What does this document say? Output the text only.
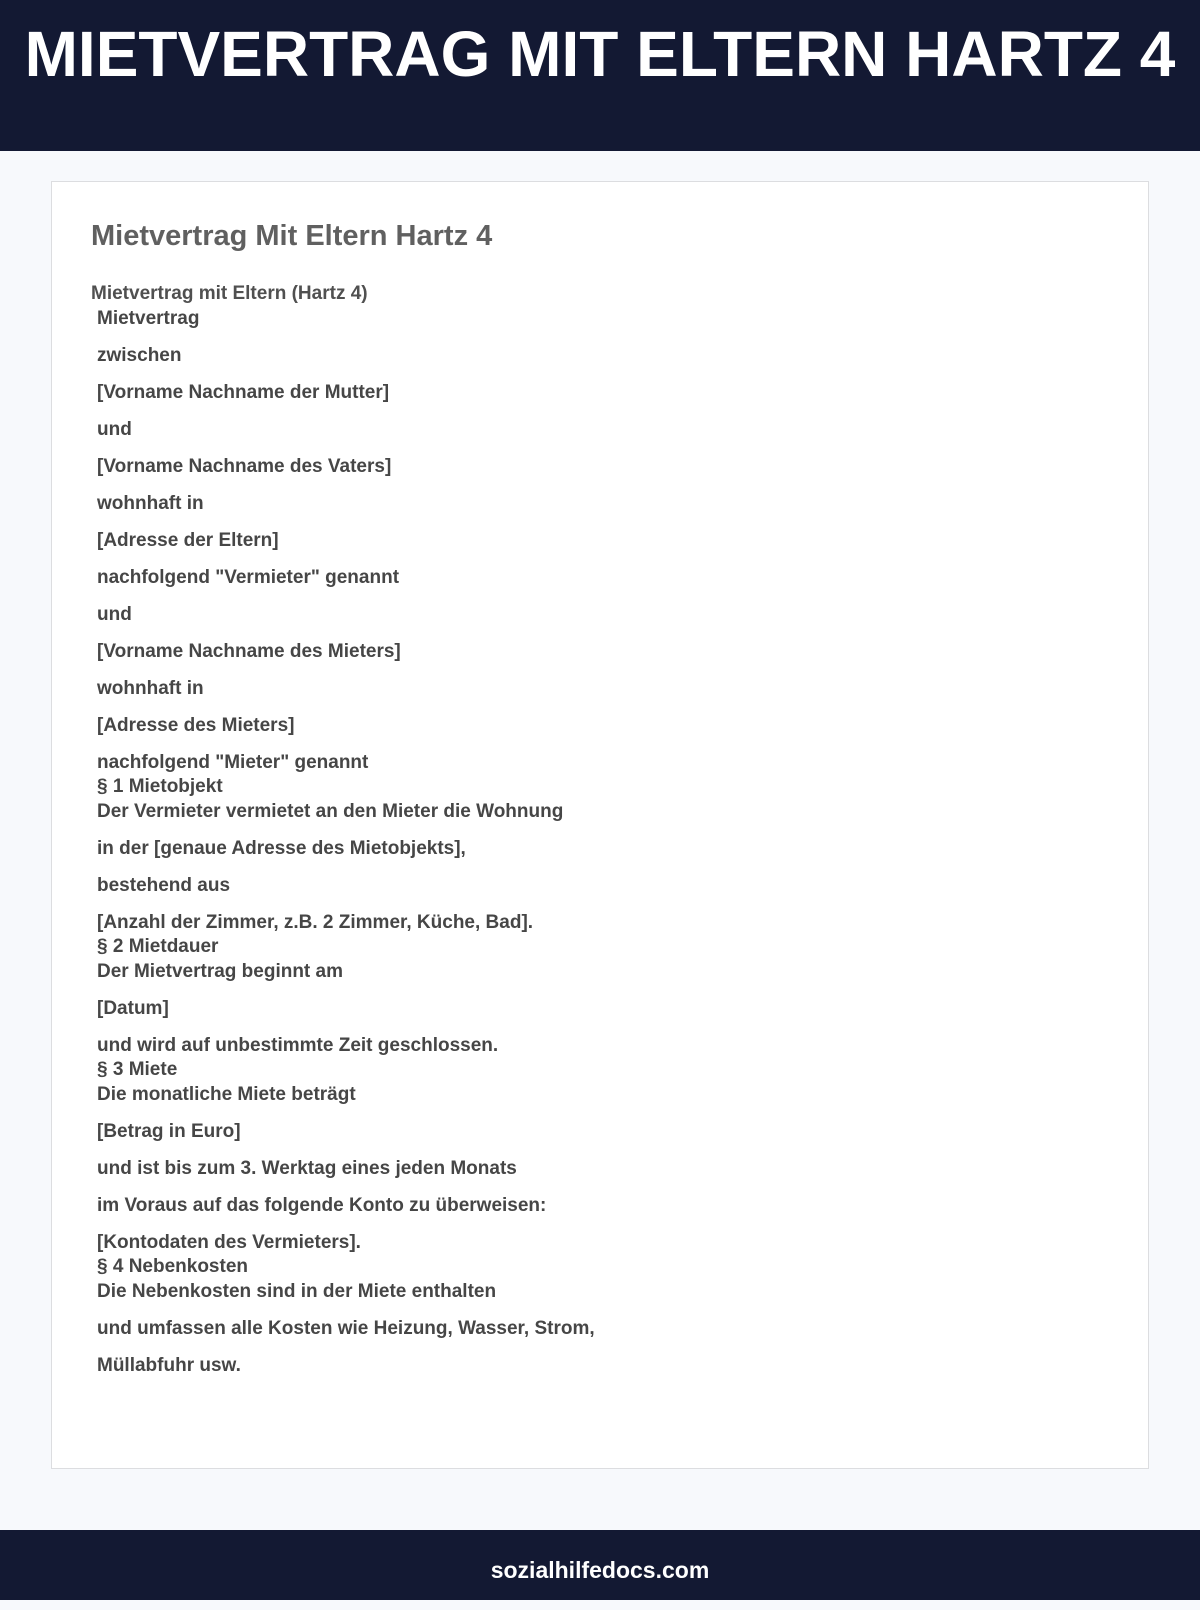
MIETVERTRAG MIT ELTERN HARTZ 4
Mietvertrag Mit Eltern Hartz 4
Mietvertrag mit Eltern (Hartz 4)
Mietvertrag
zwischen
[Vorname Nachname der Mutter]
und
[Vorname Nachname des Vaters]
wohnhaft in
[Adresse der Eltern]
nachfolgend "Vermieter" genannt
und
[Vorname Nachname des Mieters]
wohnhaft in
[Adresse des Mieters]
nachfolgend "Mieter" genannt
§ 1 Mietobjekt
Der Vermieter vermietet an den Mieter die Wohnung
in der [genaue Adresse des Mietobjekts],
bestehend aus
[Anzahl der Zimmer, z.B. 2 Zimmer, Küche, Bad].
§ 2 Mietdauer
Der Mietvertrag beginnt am
[Datum]
und wird auf unbestimmte Zeit geschlossen.
§ 3 Miete
Die monatliche Miete beträgt
[Betrag in Euro]
und ist bis zum 3. Werktag eines jeden Monats
im Voraus auf das folgende Konto zu überweisen:
[Kontodaten des Vermieters].
§ 4 Nebenkosten
Die Nebenkosten sind in der Miete enthalten
und umfassen alle Kosten wie Heizung, Wasser, Strom,
Müllabfuhr usw.
sozialhilfedocs.com
